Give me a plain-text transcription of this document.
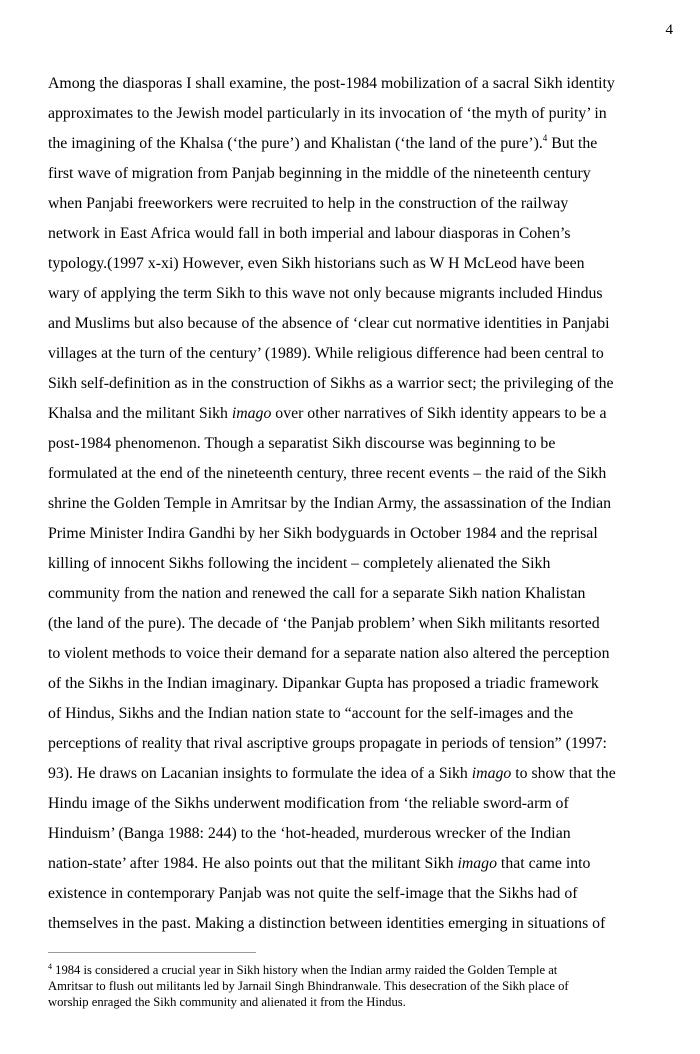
4
Among the diasporas I shall examine, the post-1984 mobilization of a sacral Sikh identity
approximates to the Jewish model particularly in its invocation of ‘the myth of purity’ in
the imagining of the Khalsa (‘the pure’) and Khalistan (‘the land of the pure’).$^4$ But the
first wave of migration from Panjab beginning in the middle of the nineteenth century
when Panjabi freeworkers were recruited to help in the construction of the railway
network in East Africa would fall in both imperial and labour diasporas in Cohen’s
typology.(1997 x-xi) However, even Sikh historians such as W H McLeod have been
wary of applying the term Sikh to this wave not only because migrants included Hindus
and Muslims but also because of the absence of ‘clear cut normative identities in Panjabi
villages at the turn of the century’ (1989). While religious difference had been central to
Sikh self-definition as in the construction of Sikhs as a warrior sect; the privileging of the
Khalsa and the militant Sikh imago over other narratives of Sikh identity appears to be a
post-1984 phenomenon. Though a separatist Sikh discourse was beginning to be
formulated at the end of the nineteenth century, three recent events – the raid of the Sikh
shrine the Golden Temple in Amritsar by the Indian Army, the assassination of the Indian
Prime Minister Indira Gandhi by her Sikh bodyguards in October 1984 and the reprisal
killing of innocent Sikhs following the incident – completely alienated the Sikh
community from the nation and renewed the call for a separate Sikh nation Khalistan
(the land of the pure). The decade of ‘the Panjab problem’ when Sikh militants resorted
to violent methods to voice their demand for a separate nation also altered the perception
of the Sikhs in the Indian imaginary. Dipankar Gupta has proposed a triadic framework
of Hindus, Sikhs and the Indian nation state to “account for the self-images and the
perceptions of reality that rival ascriptive groups propagate in periods of tension” (1997:
93). He draws on Lacanian insights to formulate the idea of a Sikh imago to show that the
Hindu image of the Sikhs underwent modification from ‘the reliable sword-arm of
Hinduism’ (Banga 1988: 244) to the ‘hot-headed, murderous wrecker of the Indian
nation-state’ after 1984. He also points out that the militant Sikh imago that came into
existence in contemporary Panjab was not quite the self-image that the Sikhs had of
themselves in the past. Making a distinction between identities emerging in situations of
$^4$ 1984 is considered a crucial year in Sikh history when the Indian army raided the Golden Temple at
Amritsar to flush out militants led by Jarnail Singh Bhindranwale. This desecration of the Sikh place of
worship enraged the Sikh community and alienated it from the Hindus.
